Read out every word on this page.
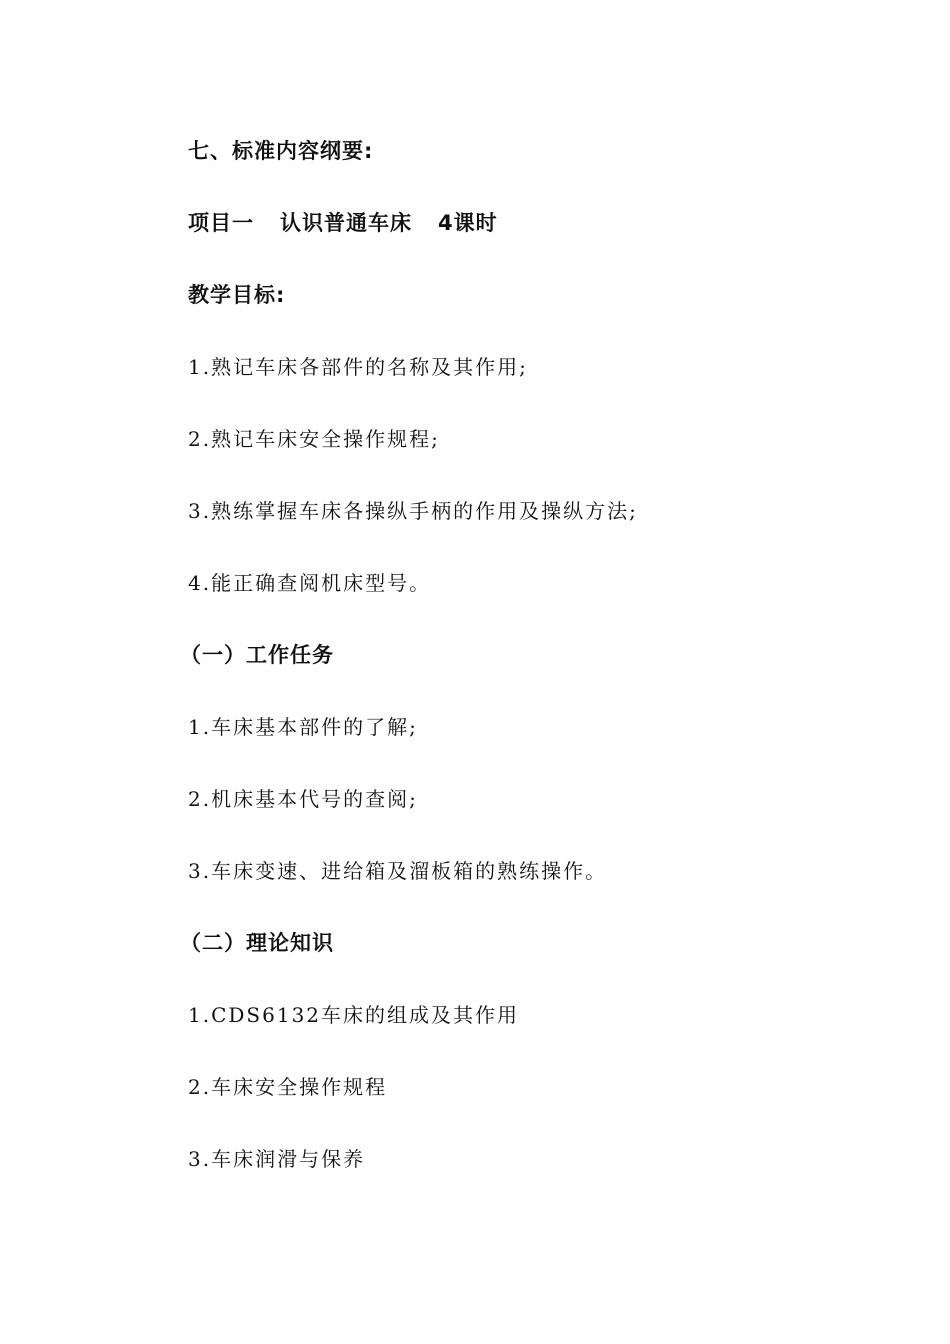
七、标准内容纲要:
项目一 认识普通车床 4课时
教学目标:
1.熟记车床各部件的名称及其作用;
2.熟记车床安全操作规程;
3.熟练掌握车床各操纵手柄的作用及操纵方法;
4.能正确查阅机床型号。
（一）工作任务
1.车床基本部件的了解;
2.机床基本代号的查阅;
3.车床变速、进给箱及溜板箱的熟练操作。
（二）理论知识
1.CDS6132车床的组成及其作用
2.车床安全操作规程
3.车床润滑与保养
